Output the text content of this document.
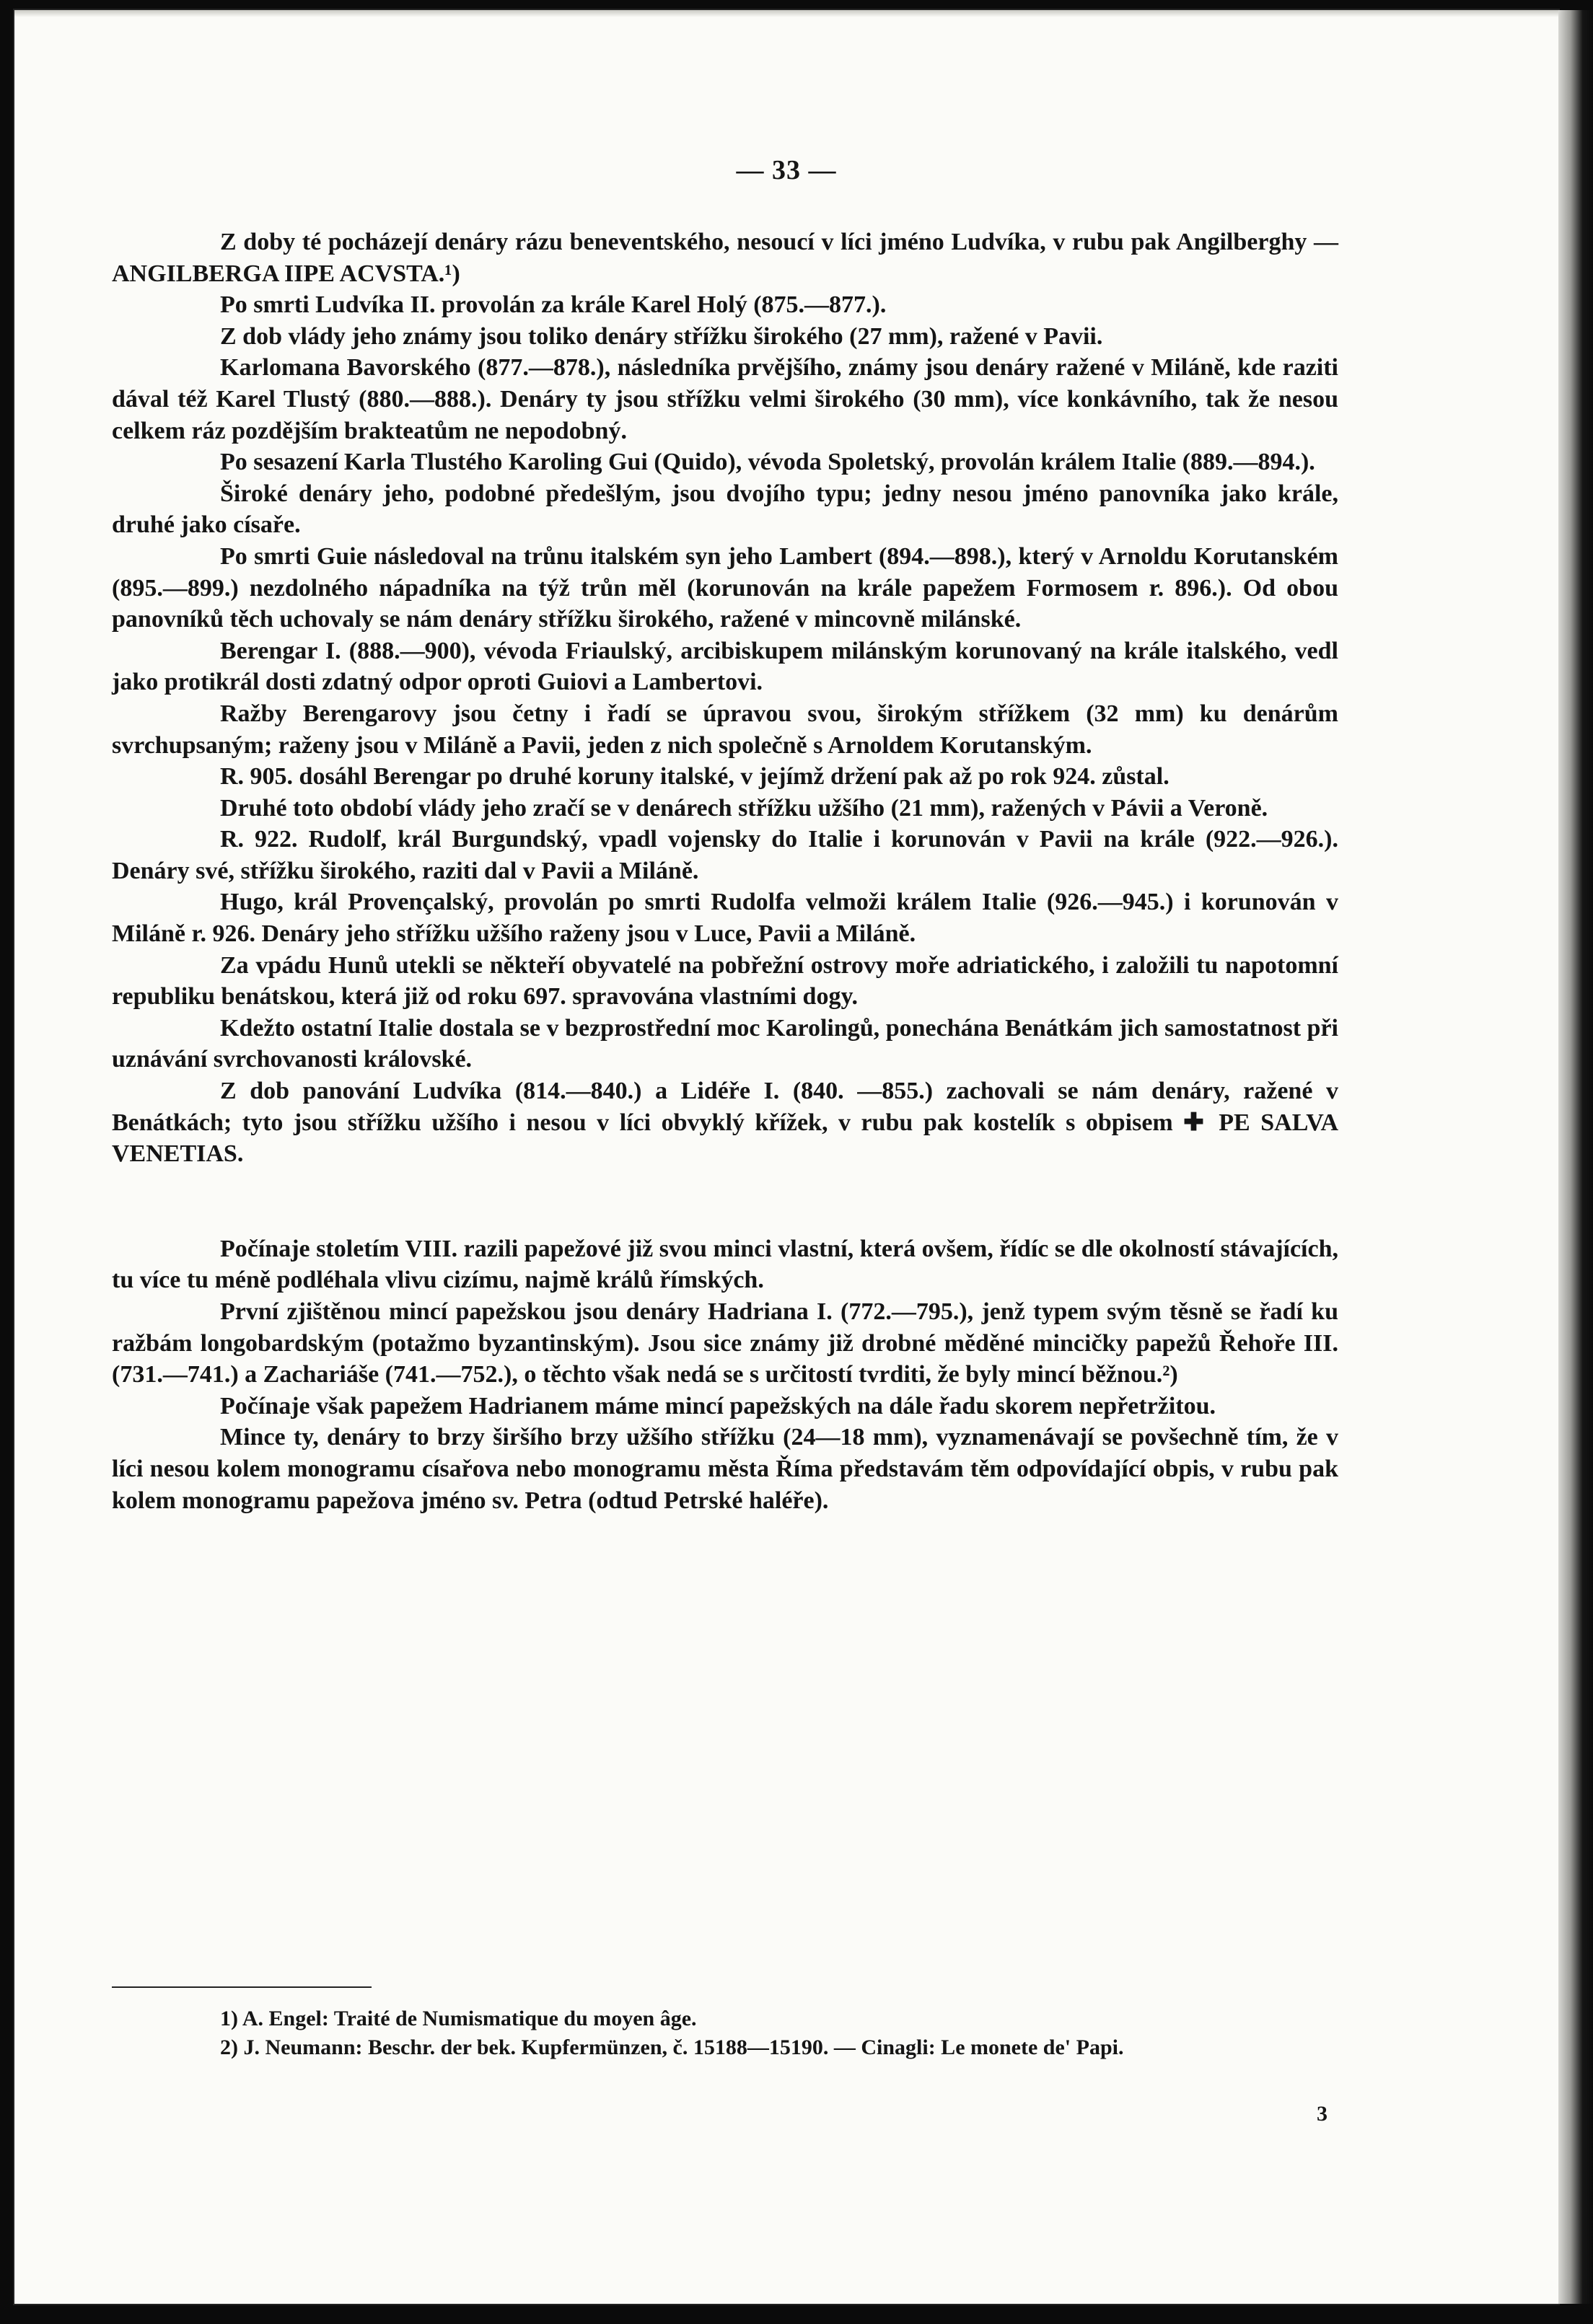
— 33 —

Z doby té pocházejí denáry rázu beneventského, nesoucí v líci jméno Ludvíka, v rubu pak Angilberghy — ANGILBERGA IIPE ACVSTA.¹)

Po smrti Ludvíka II. provolán za krále Karel Holý (875.—877.).

Z dob vlády jeho známy jsou toliko denáry střížku širokého (27 mm), ražené v Pavii.

Karlomana Bavorského (877.—878.), následníka prvějšího, známy jsou denáry ražené v Miláně, kde raziti dával též Karel Tlustý (880.—888.). Denáry ty jsou střížku velmi širokého (30 mm), více konkávního, tak že nesou celkem ráz pozdějším brakteatům ne nepodobný.

Po sesazení Karla Tlustého Karoling Gui (Quido), vévoda Spoletský, provolán králem Italie (889.—894.).

Široké denáry jeho, podobné předešlým, jsou dvojího typu; jedny nesou jméno panovníka jako krále, druhé jako císaře.

Po smrti Guie následoval na trůnu italském syn jeho Lambert (894.—898.), který v Arnoldu Korutanském (895.—899.) nezdolného nápadníka na týž trůn měl (korunován na krále papežem Formosem r. 896.). Od obou panovníků těch uchovaly se nám denáry střížku širokého, ražené v mincovně milánské.

Berengar I. (888.—900), vévoda Friaulský, arcibiskupem milánským korunovaný na krále italského, vedl jako protikrál dosti zdatný odpor oproti Guiovi a Lambertovi.

Ražby Berengarovy jsou četny i řadí se úpravou svou, širokým střížkem (32 mm) ku denárům svrchupsaným; raženy jsou v Miláně a Pavii, jeden z nich společně s Arnoldem Korutanským.

R. 905. dosáhl Berengar po druhé koruny italské, v jejímž držení pak až po rok 924. zůstal.

Druhé toto období vlády jeho zračí se v denárech střížku užšího (21 mm), ražených v Pávii a Veroně.

R. 922. Rudolf, král Burgundský, vpadl vojensky do Italie i korunován v Pavii na krále (922.—926.). Denáry své, střížku širokého, raziti dal v Pavii a Miláně.

Hugo, král Provençalský, provolán po smrti Rudolfa velmoži králem Italie (926.—945.) i korunován v Miláně r. 926. Denáry jeho střížku užšího raženy jsou v Luce, Pavii a Miláně.

Za vpádu Hunů utekli se někteří obyvatelé na pobřežní ostrovy moře adriatického, i založili tu napotomní republiku benátskou, která již od roku 697. spravována vlastními dogy.

Kdežto ostatní Italie dostala se v bezprostřední moc Karolingů, ponechána Benátkám jich samostatnost při uznávání svrchovanosti královské.

Z dob panování Ludvíka (814.—840.) a Lidéře I. (840. —855.) zachovali se nám denáry, ražené v Benátkách; tyto jsou střížku užšího i nesou v líci obvyklý křížek, v rubu pak kostelík s obpisem ✚ PE SALVA VENETIAS.

Počínaje stoletím VIII. razili papežové již svou minci vlastní, která ovšem, řídíc se dle okolností stávajících, tu více tu méně podléhala vlivu cizímu, najmě králů římských.

První zjištěnou mincí papežskou jsou denáry Hadriana I. (772.—795.), jenž typem svým těsně se řadí ku ražbám longobardským (potažmo byzantinským). Jsou sice známy již drobné měděné mincičky papežů Řehoře III. (731.—741.) a Zachariáše (741.—752.), o těchto však nedá se s určitostí tvrditi, že byly mincí běžnou.²)

Počínaje však papežem Hadrianem máme mincí papežských na dále řadu skorem nepřetržitou.

Mince ty, denáry to brzy širšího brzy užšího střížku (24—18 mm), vyznamenávají se povšechně tím, že v líci nesou kolem monogramu císařova nebo monogramu města Říma představám těm odpovídající obpis, v rubu pak kolem monogramu papežova jméno sv. Petra (odtud Petrské haléře).

1) A. Engel: Traité de Numismatique du moyen âge.

2) J. Neumann: Beschr. der bek. Kupfermünzen, č. 15188—15190. — Cinagli: Le monete de' Papi.

3
